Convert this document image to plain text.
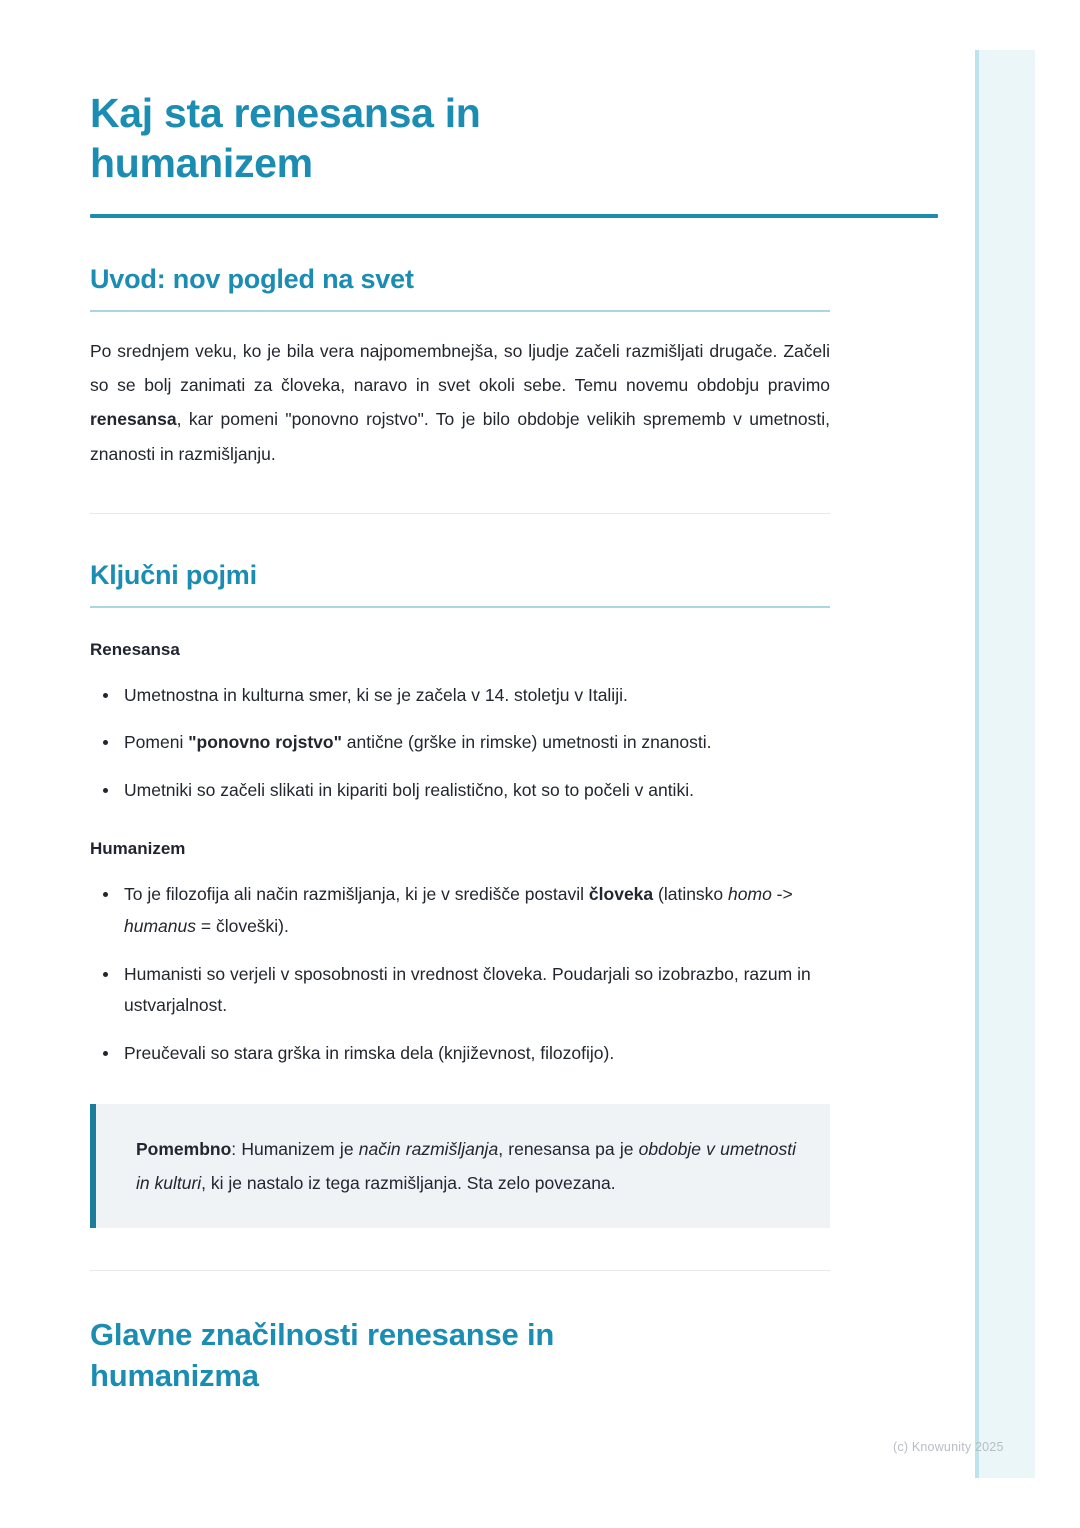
Kaj sta renesansa in humanizem
Uvod: nov pogled na svet

Po srednjem veku, ko je bila vera najpomembnejša, so ljudje začeli razmišljati drugače. Začeli so se bolj zanimati za človeka, naravo in svet okoli sebe. Temu novemu obdobju pravimo renesansa, kar pomeni "ponovno rojstvo". To je bilo obdobje velikih sprememb v umetnosti, znanosti in razmišljanju.

Ključni pojmi
Renesansa
Umetnostna in kulturna smer, ki se je začela v 14. stoletju v Italiji.
Pomeni "ponovno rojstvo" antične (grške in rimske) umetnosti in znanosti.
Umetniki so začeli slikati in kipariti bolj realistično, kot so to počeli v antiki.
Humanizem
To je filozofija ali način razmišljanja, ki je v središče postavil človeka (latinsko homo -> humanus = človeški).
Humanisti so verjeli v sposobnosti in vrednost človeka. Poudarjali so izobrazbo, razum in ustvarjalnost.
Preučevali so stara grška in rimska dela (književnost, filozofijo).

Pomembno: Humanizem je način razmišljanja, renesansa pa je obdobje v umetnosti in kulturi, ki je nastalo iz tega razmišljanja. Sta zelo povezana.

Glavne značilnosti renesanse in humanizma
(c) Knowunity 2025
